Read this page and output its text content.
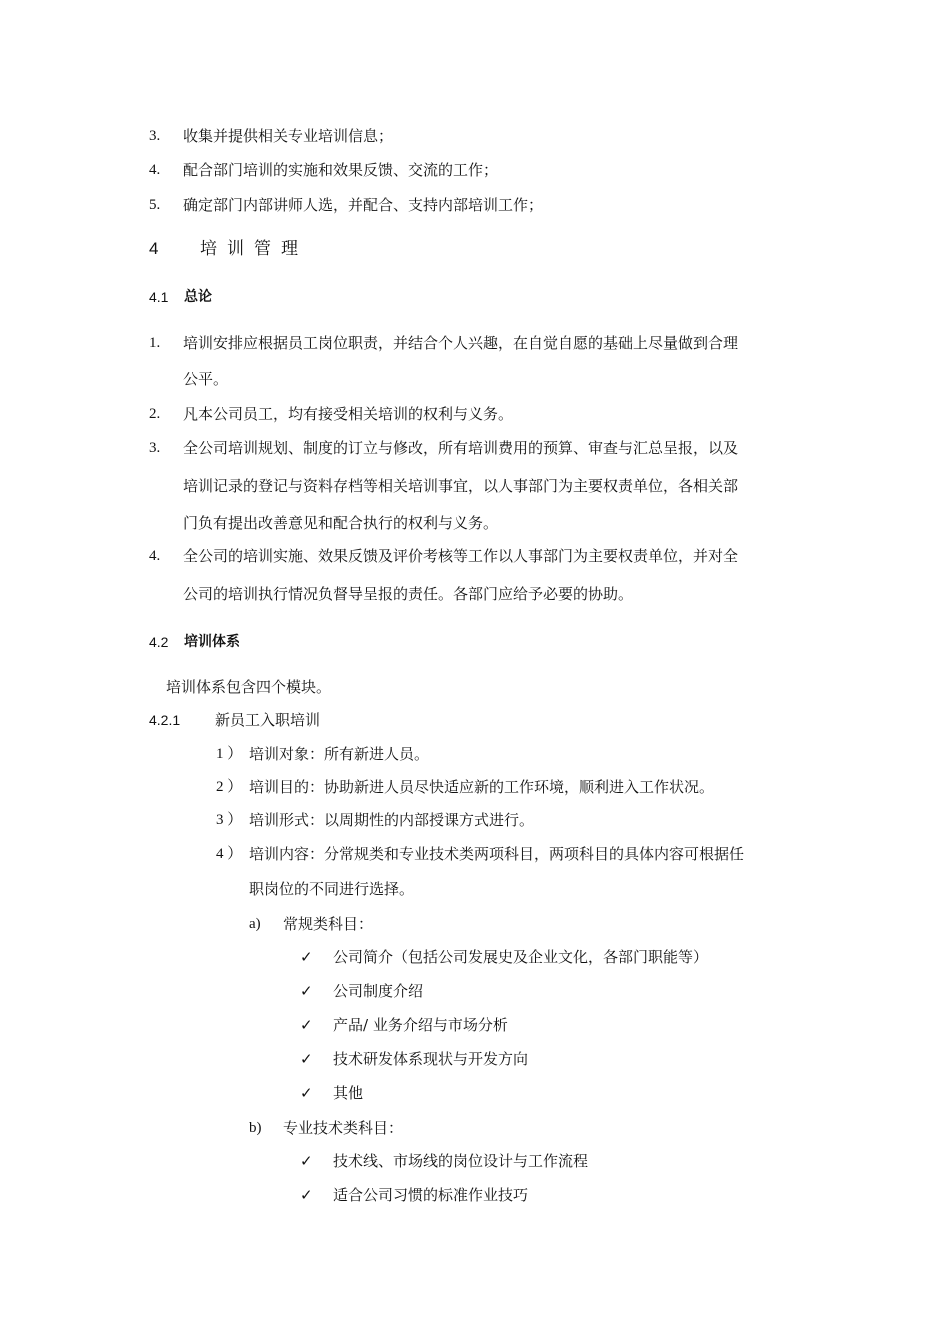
3. 收集并提供相关专业培训信息；
4. 配合部门培训的实施和效果反馈、交流的工作；
5. 确定部门内部讲师人选，并配合、支持内部培训工作；
4 培训管理
4.1 总论
1. 培训安排应根据员工岗位职责，并结合个人兴趣，在自觉自愿的基础上尽量做到合理
公平。
2. 凡本公司员工，均有接受相关培训的权利与义务。
3. 全公司培训规划、制度的订立与修改，所有培训费用的预算、审查与汇总呈报，以及
培训记录的登记与资料存档等相关培训事宜，以人事部门为主要权责单位，各相关部
门负有提出改善意见和配合执行的权利与义务。
4. 全公司的培训实施、效果反馈及评价考核等工作以人事部门为主要权责单位，并对全
公司的培训执行情况负督导呈报的责任。各部门应给予必要的协助。
4.2 培训体系
培训体系包含四个模块。
4.2.1 新员工入职培训
1 ） 培训对象：所有新进人员。
2 ） 培训目的：协助新进人员尽快适应新的工作环境，顺利进入工作状况。
3 ） 培训形式：以周期性的内部授课方式进行。
4 ） 培训内容：分常规类和专业技术类两项科目，两项科目的具体内容可根据任
职岗位的不同进行选择。
a) 常规类科目：
✓ 公司简介（包括公司发展史及企业文化，各部门职能等）
✓ 公司制度介绍
✓ 产品/ 业务介绍与市场分析
✓ 技术研发体系现状与开发方向
✓ 其他
b) 专业技术类科目：
✓ 技术线、市场线的岗位设计与工作流程
✓ 适合公司习惯的标准作业技巧
